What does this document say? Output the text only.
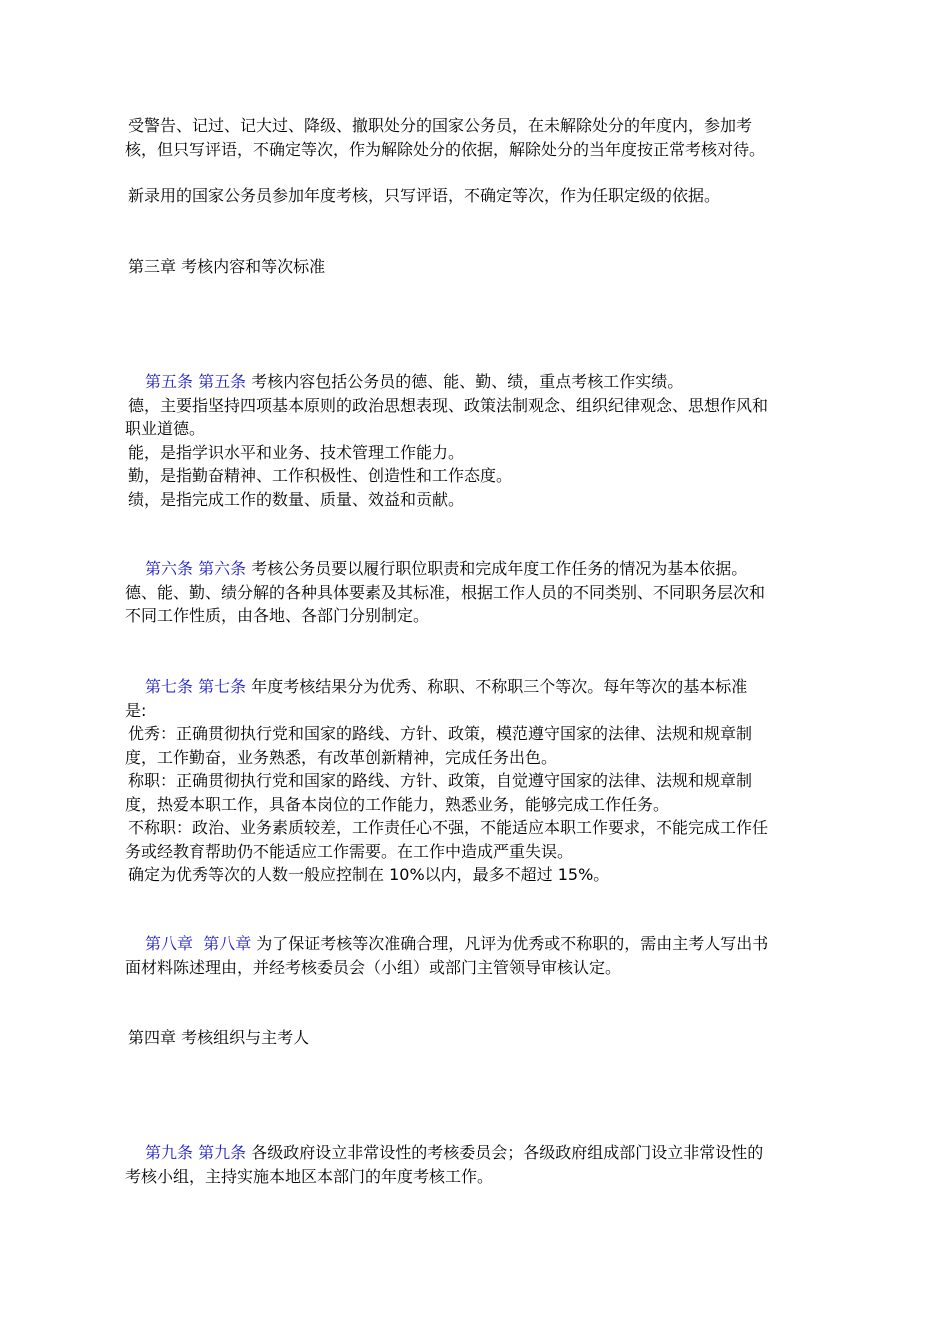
受警告、记过、记大过、降级、撤职处分的国家公务员，在未解除处分的年度内，参加考
核，但只写评语，不确定等次，作为解除处分的依据，解除处分的当年度按正常考核对待。
新录用的国家公务员参加年度考核，只写评语，不确定等次，作为任职定级的依据。
第三章 考核内容和等次标准
第五条 第五条 考核内容包括公务员的德、能、勤、绩，重点考核工作实绩。
德，主要指坚持四项基本原则的政治思想表现、政策法制观念、组织纪律观念、思想作风和
职业道德。
能，是指学识水平和业务、技术管理工作能力。
勤，是指勤奋精神、工作积极性、创造性和工作态度。
绩，是指完成工作的数量、质量、效益和贡献。
第六条 第六条 考核公务员要以履行职位职责和完成年度工作任务的情况为基本依据。
德、能、勤、绩分解的各种具体要素及其标准，根据工作人员的不同类别、不同职务层次和
不同工作性质，由各地、各部门分别制定。
第七条 第七条 年度考核结果分为优秀、称职、不称职三个等次。每年等次的基本标准
是:
优秀：正确贯彻执行党和国家的路线、方针、政策，模范遵守国家的法律、法规和规章制
度，工作勤奋，业务熟悉，有改革创新精神，完成任务出色。
称职：正确贯彻执行党和国家的路线、方针、政策，自觉遵守国家的法律、法规和规章制
度，热爱本职工作，具备本岗位的工作能力，熟悉业务，能够完成工作任务。
不称职：政治、业务素质较差，工作责任心不强，不能适应本职工作要求，不能完成工作任
务或经教育帮助仍不能适应工作需要。在工作中造成严重失误。
确定为优秀等次的人数一般应控制在 10%以内，最多不超过 15%。
第八章 第八章 为了保证考核等次准确合理，凡评为优秀或不称职的，需由主考人写出书
面材料陈述理由，并经考核委员会（小组）或部门主管领导审核认定。
第四章 考核组织与主考人
第九条 第九条 各级政府设立非常设性的考核委员会；各级政府组成部门设立非常设性的
考核小组，主持实施本地区本部门的年度考核工作。
